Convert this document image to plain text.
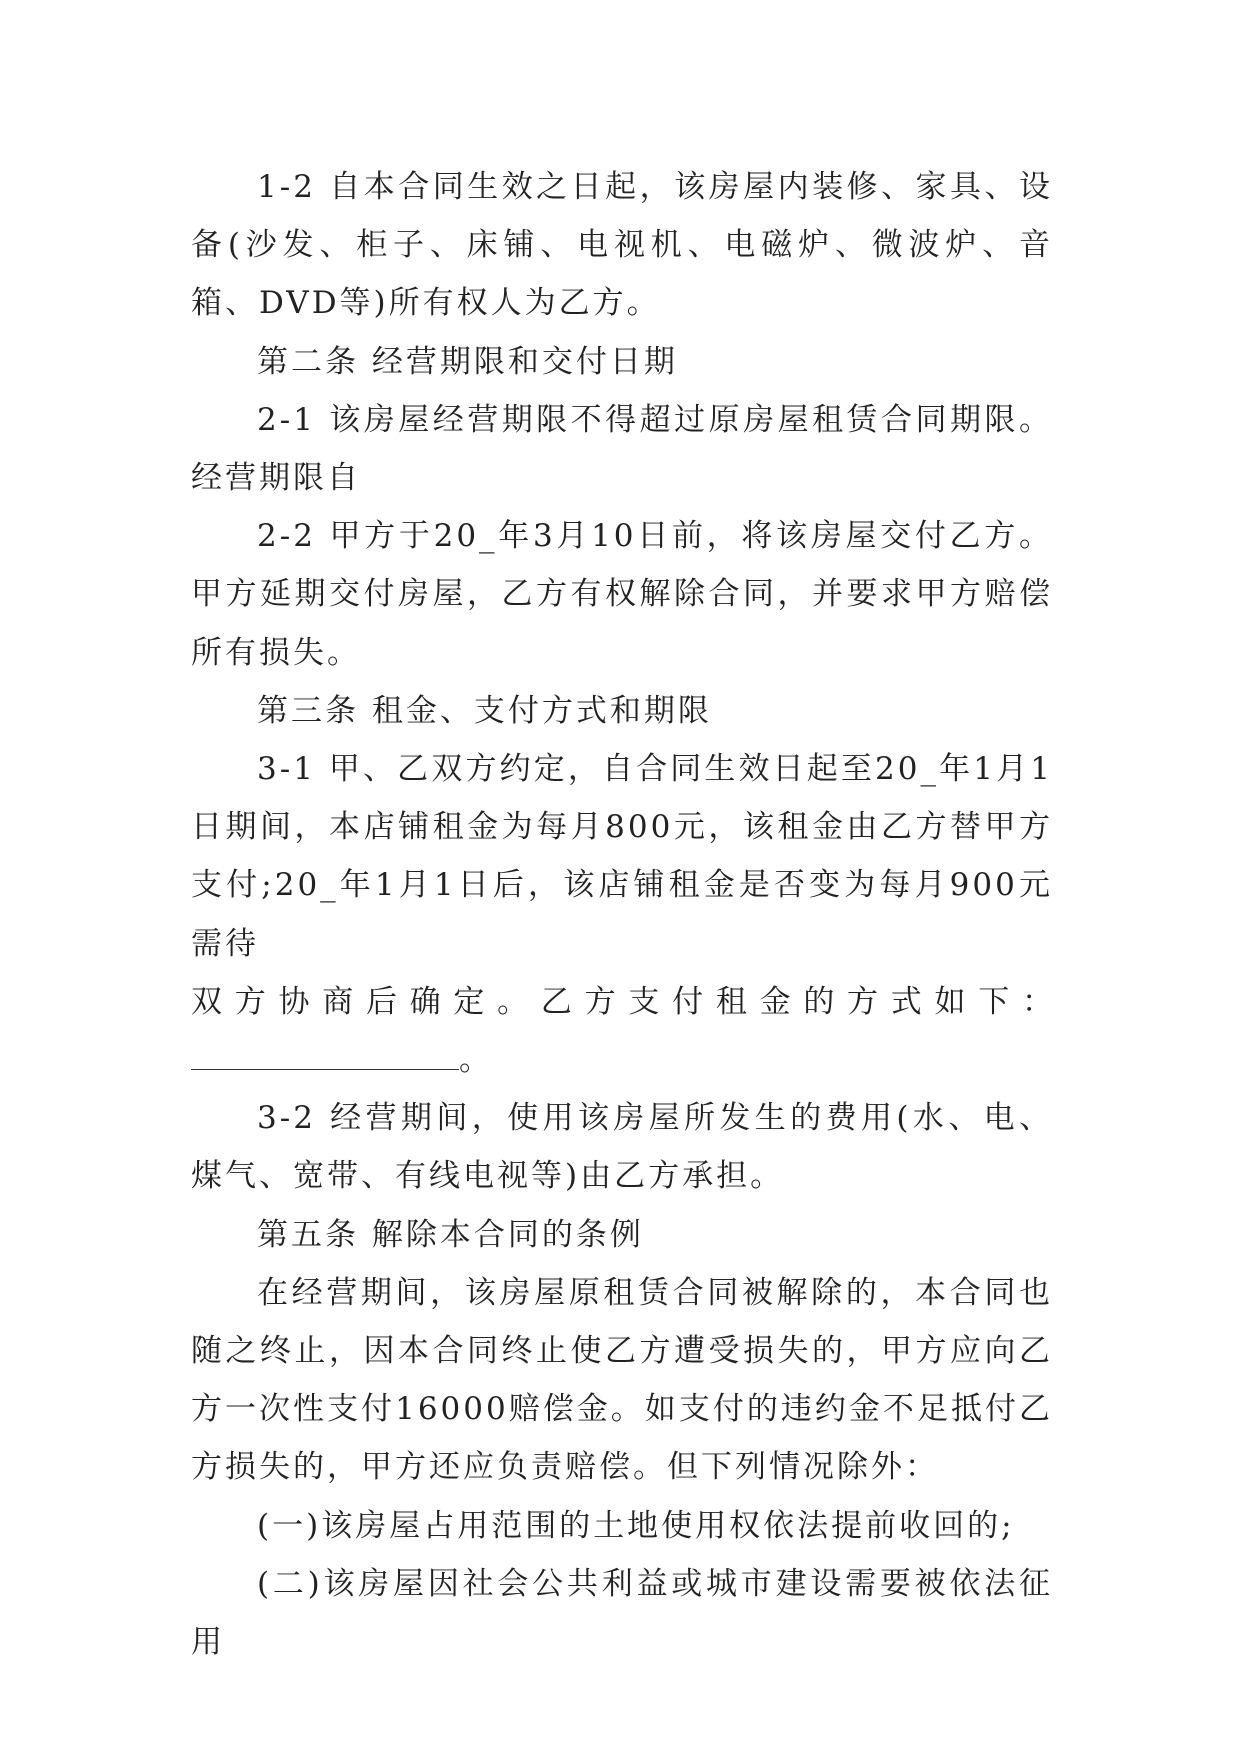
1-2 自本合同生效之日起，该房屋内装修、家具、设备(沙发、柜子、床铺、电视机、电磁炉、微波炉、音箱、DVD等)所有权人为乙方。

第二条 经营期限和交付日期

2-1 该房屋经营期限不得超过原房屋租赁合同期限。经营期限自

2-2 甲方于20_年3月10日前，将该房屋交付乙方。甲方延期交付房屋，乙方有权解除合同，并要求甲方赔偿所有损失。

第三条 租金、支付方式和期限

3-1 甲、乙双方约定，自合同生效日起至20_年1月1日期间，本店铺租金为每月800元，该租金由乙方替甲方支付;20_年1月1日后，该店铺租金是否变为每月900元需待

双方协商后确定。乙方支付租金的方式如下：

。

3-2 经营期间，使用该房屋所发生的费用(水、电、煤气、宽带、有线电视等)由乙方承担。

第五条 解除本合同的条例

在经营期间，该房屋原租赁合同被解除的，本合同也随之终止，因本合同终止使乙方遭受损失的，甲方应向乙方一次性支付16000赔偿金。如支付的违约金不足抵付乙方损失的，甲方还应负责赔偿。但下列情况除外：

(一)该房屋占用范围的土地使用权依法提前收回的;

(二)该房屋因社会公共利益或城市建设需要被依法征用
